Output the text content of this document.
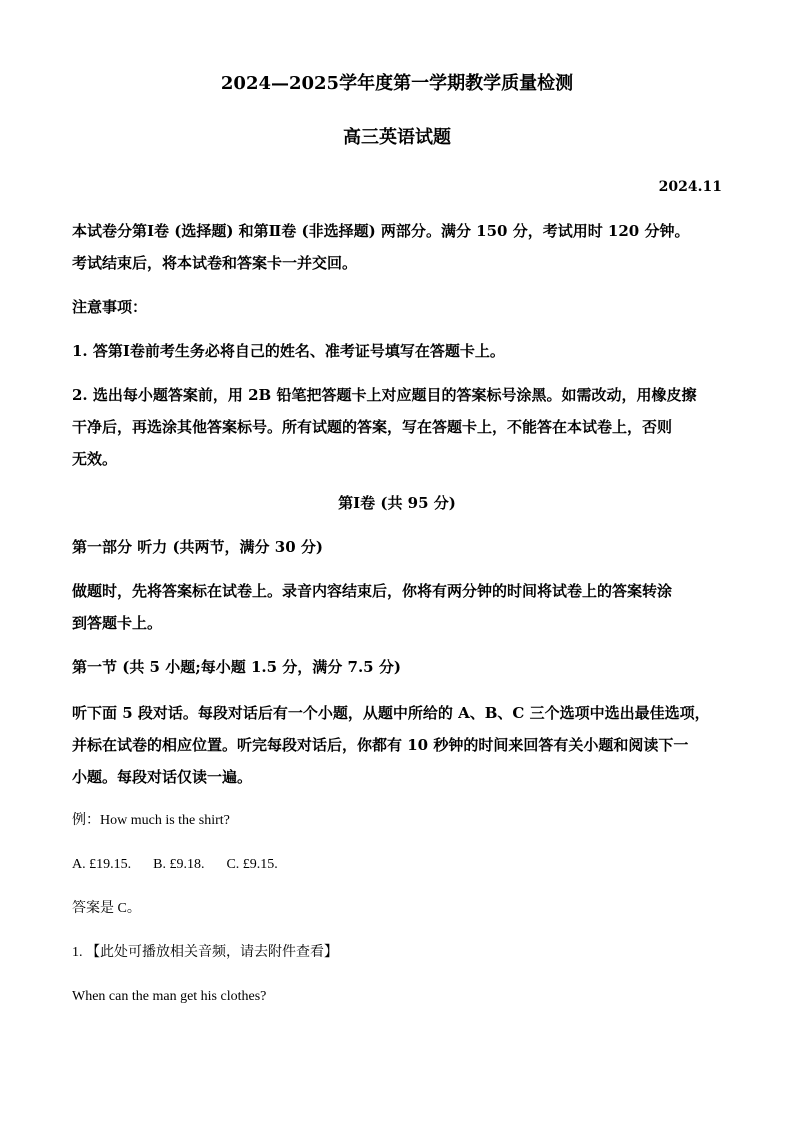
2024—2025学年度第一学期教学质量检测
高三英语试题
2024.11
本试卷分第Ⅰ卷 (选择题) 和第Ⅱ卷 (非选择题) 两部分。满分 150 分，考试用时 120 分钟。
考试结束后，将本试卷和答案卡一并交回。
注意事项：
1. 答第Ⅰ卷前考生务必将自己的姓名、准考证号填写在答题卡上。
2. 选出每小题答案前，用 2B 铅笔把答题卡上对应题目的答案标号涂黑。如需改动，用橡皮擦
干净后，再选涂其他答案标号。所有试题的答案，写在答题卡上，不能答在本试卷上，否则
无效。
第Ⅰ卷 (共 95 分)
第一部分 听力 (共两节，满分 30 分)
做题时，先将答案标在试卷上。录音内容结束后，你将有两分钟的时间将试卷上的答案转涂
到答题卡上。
第一节 (共 5 小题;每小题 1.5 分，满分 7.5 分)
听下面 5 段对话。每段对话后有一个小题，从题中所给的 A、B、C 三个选项中选出最佳选项，
并标在试卷的相应位置。听完每段对话后，你都有 10 秒钟的时间来回答有关小题和阅读下一
小题。每段对话仅读一遍。
例：How much is the shirt?
A. £19.15. B. £9.18. C. £9.15.
答案是 C。
1. 【此处可播放相关音频，请去附件查看】
When can the man get his clothes?
